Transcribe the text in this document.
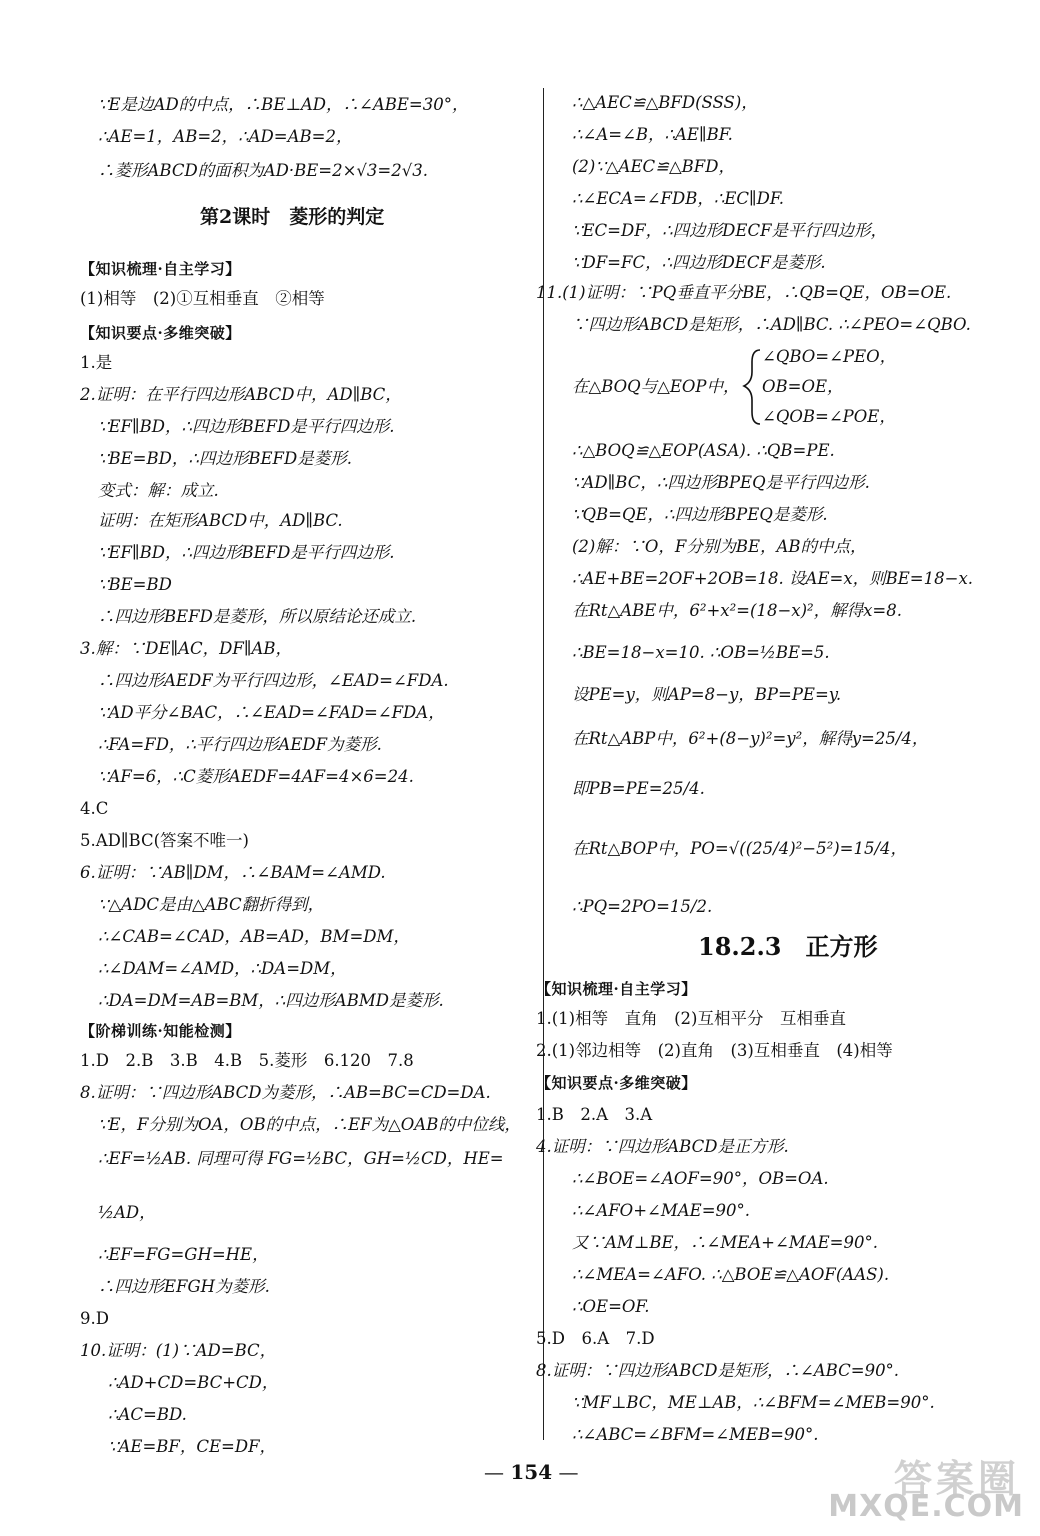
∵E是边AD的中点，∴BE⊥AD，∴∠ABE=30°，
∴AE=1，AB=2，∴AD=AB=2，
∴菱形ABCD的面积为AD·BE=2×√3=2√3.
第2课时　菱形的判定
【知识梳理·自主学习】
(1)相等　(2)①互相垂直　②相等
【知识要点·多维突破】
1.是
2.证明：在平行四边形ABCD中，AD∥BC，
∵EF∥BD，∴四边形BEFD是平行四边形.
∵BE=BD，∴四边形BEFD是菱形.
变式：解：成立.
证明：在矩形ABCD中，AD∥BC.
∵EF∥BD，∴四边形BEFD是平行四边形.
∵BE=BD
∴四边形BEFD是菱形，所以原结论还成立.
3.解：∵DE∥AC，DF∥AB，
∴四边形AEDF为平行四边形，∠EAD=∠FDA.
∵AD平分∠BAC，∴∠EAD=∠FAD=∠FDA，
∴FA=FD，∴平行四边形AEDF为菱形.
∵AF=6，∴C菱形AEDF=4AF=4×6=24.
4.C
5.AD∥BC(答案不唯一)
6.证明：∵AB∥DM，∴∠BAM=∠AMD.
∵△ADC是由△ABC翻折得到，
∴∠CAB=∠CAD，AB=AD，BM=DM，
∴∠DAM=∠AMD，∴DA=DM，
∴DA=DM=AB=BM，∴四边形ABMD是菱形.
【阶梯训练·知能检测】
1.D　2.B　3.B　4.B　5.菱形　6.120　7.8
8.证明：∵四边形ABCD为菱形，∴AB=BC=CD=DA.
∵E，F分别为OA，OB的中点，∴EF为△OAB的中位线，
∴EF=½AB. 同理可得 FG=½BC，GH=½CD，HE=
½AD，
∴EF=FG=GH=HE，
∴四边形EFGH为菱形.
9.D
10.证明：(1)∵AD=BC，
∴AD+CD=BC+CD，
∴AC=BD.
∵AE=BF，CE=DF，
∴△AEC≌△BFD(SSS)，
∴∠A=∠B，∴AE∥BF.
(2)∵△AEC≌△BFD，
∴∠ECA=∠FDB，∴EC∥DF.
∵EC=DF，∴四边形DECF是平行四边形，
∵DF=FC，∴四边形DECF是菱形.
11.(1)证明：∵PQ垂直平分BE，∴QB=QE，OB=OE.
∵四边形ABCD是矩形，∴AD∥BC. ∴∠PEO=∠QBO.
∠QBO=∠PEO，
在△BOQ与△EOP中， OB=OE，
∠QOB=∠POE，
∴△BOQ≌△EOP(ASA). ∴QB=PE.
∵AD∥BC，∴四边形BPEQ是平行四边形.
∵QB=QE，∴四边形BPEQ是菱形.
(2)解：∵O，F分别为BE，AB的中点，
∴AE+BE=2OF+2OB=18. 设AE=x，则BE=18−x.
在Rt△ABE中，6²+x²=(18−x)²，解得x=8.
∴BE=18−x=10. ∴OB=½BE=5.
设PE=y，则AP=8−y，BP=PE=y.
在Rt△ABP中，6²+(8−y)²=y²，解得y=25/4，
即PB=PE=25/4.
在Rt△BOP中，PO=√((25/4)²−5²)=15/4，
∴PQ=2PO=15/2.
18.2.3　正方形
【知识梳理·自主学习】
1.(1)相等　直角　(2)互相平分　互相垂直
2.(1)邻边相等　(2)直角　(3)互相垂直　(4)相等
【知识要点·多维突破】
1.B　2.A　3.A
4.证明：∵四边形ABCD是正方形.
∴∠BOE=∠AOF=90°，OB=OA.
∴∠AFO+∠MAE=90°.
又∵AM⊥BE，∴∠MEA+∠MAE=90°.
∴∠MEA=∠AFO. ∴△BOE≌△AOF(AAS).
∴OE=OF.
5.D　6.A　7.D
8.证明：∵四边形ABCD是矩形，∴∠ABC=90°.
∵MF⊥BC，ME⊥AB，∴∠BFM=∠MEB=90°.
∴∠ABC=∠BFM=∠MEB=90°.
— 154 —	答案圈
MXQE.COM
